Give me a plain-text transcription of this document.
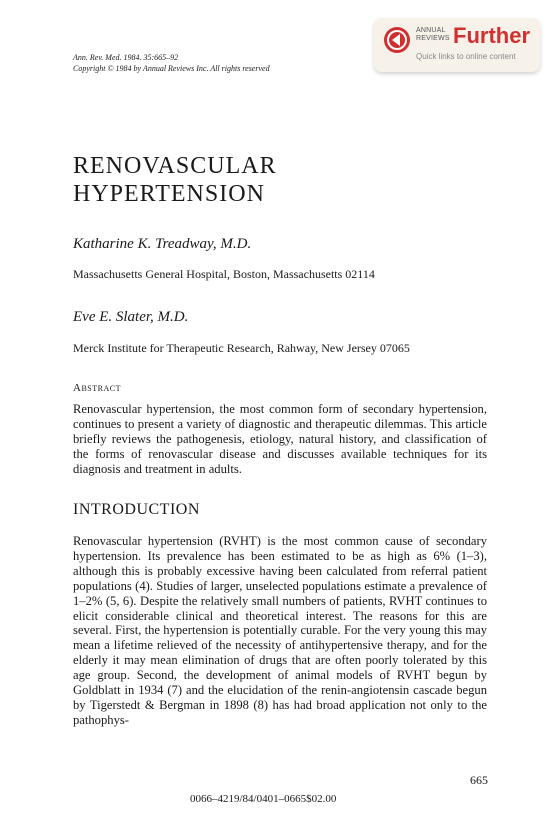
Ann. Rev. Med. 1984. 35:665–92
Copyright © 1984 by Annual Reviews Inc. All rights reserved
ANNUAL
REVIEWS Further
Quick links to online content
RENOVASCULAR
HYPERTENSION
Katharine K. Treadway, M.D.
Massachusetts General Hospital, Boston, Massachusetts 02114
Eve E. Slater, M.D.
Merck Institute for Therapeutic Research, Rahway, New Jersey 07065
Abstract

Renovascular hypertension, the most common form of secondary hypertension, continues to present a variety of diagnostic and therapeutic dilemmas. This article briefly reviews the pathogenesis, etiology, natural history, and classification of the forms of renovascular disease and discusses available techniques for its diagnosis and treatment in adults.

INTRODUCTION

Renovascular hypertension (RVHT) is the most common cause of secondary hypertension. Its prevalence has been estimated to be as high as 6% (1–3), although this is probably excessive having been calculated from referral patient populations (4). Studies of larger, unselected populations estimate a prevalence of 1–2% (5, 6). Despite the relatively small numbers of patients, RVHT continues to elicit considerable clinical and theoretical interest. The reasons for this are several. First, the hypertension is potentially curable. For the very young this may mean a lifetime relieved of the necessity of antihypertensive therapy, and for the elderly it may mean elimination of drugs that are often poorly tolerated by this age group. Second, the development of animal models of RVHT begun by Goldblatt in 1934 (7) and the elucidation of the renin-angiotensin cascade begun by Tigerstedt & Bergman in 1898 (8) has had broad application not only to the pathophys-

665
0066–4219/84/0401–0665$02.00
